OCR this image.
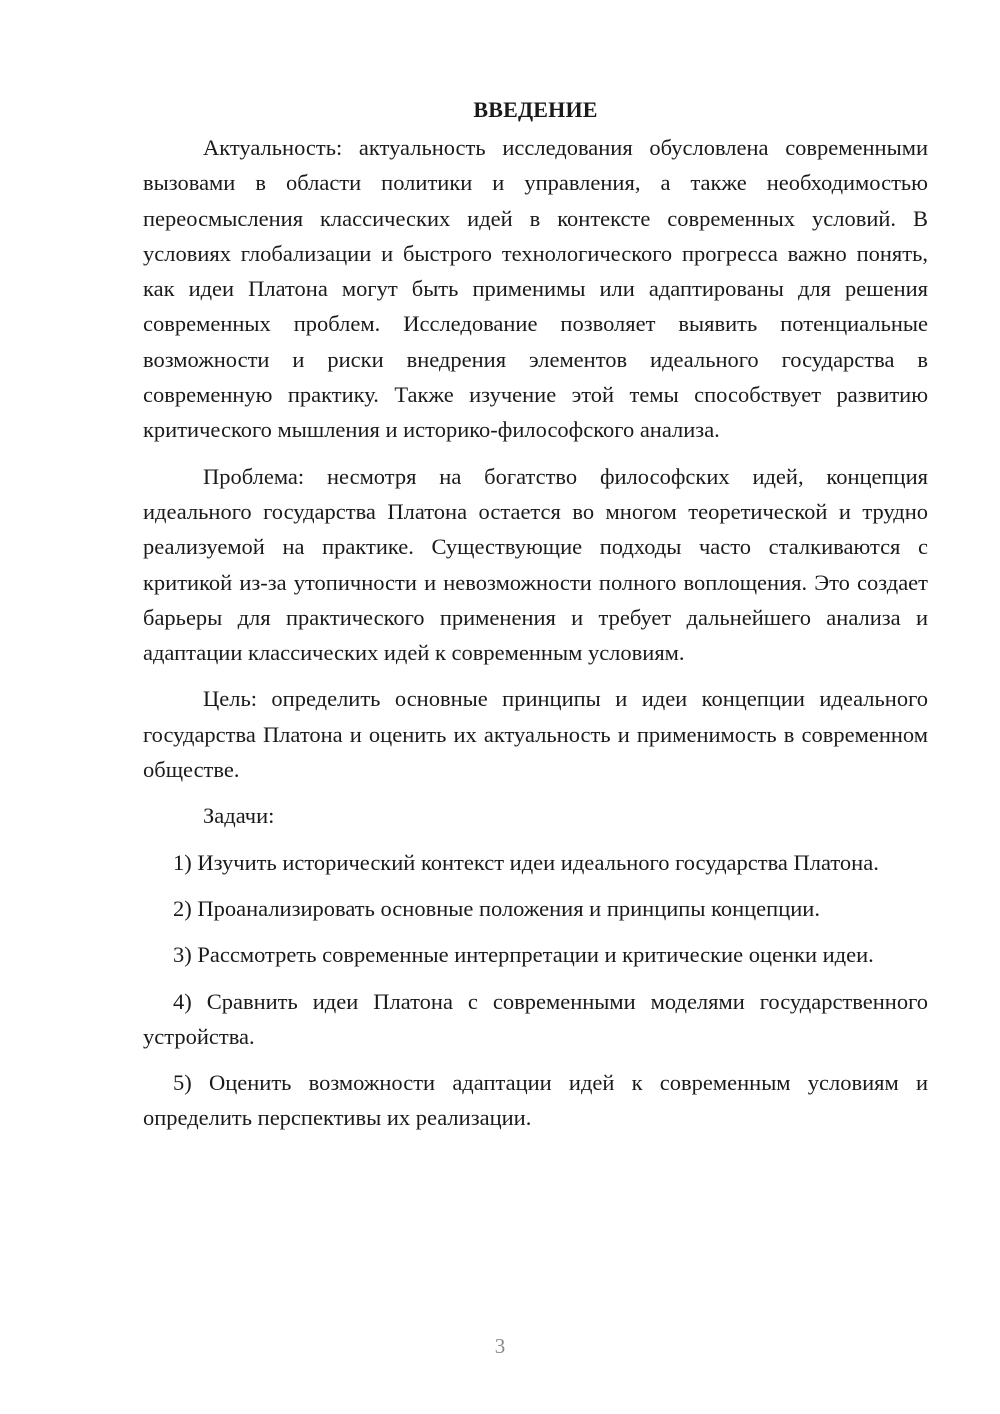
ВВЕДЕНИЕ

Актуальность: актуальность исследования обусловлена современными вызовами в области политики и управления, а также необходимостью переосмысления классических идей в контексте современных условий. В условиях глобализации и быстрого технологического прогресса важно понять, как идеи Платона могут быть применимы или адаптированы для решения современных проблем. Исследование позволяет выявить потенциальные возможности и риски внедрения элементов идеального государства в современную практику. Также изучение этой темы способствует развитию критического мышления и историко-философского анализа.

Проблема: несмотря на богатство философских идей, концепция идеального государства Платона остается во многом теоретической и трудно реализуемой на практике. Существующие подходы часто сталкиваются с критикой из-за утопичности и невозможности полного воплощения. Это создает барьеры для практического применения и требует дальнейшего анализа и адаптации классических идей к современным условиям.

Цель: определить основные принципы и идеи концепции идеального государства Платона и оценить их актуальность и применимость в современном обществе.

Задачи:

1) Изучить исторический контекст идеи идеального государства Платона.

2) Проанализировать основные положения и принципы концепции.

3) Рассмотреть современные интерпретации и критические оценки идеи.

4) Сравнить идеи Платона с современными моделями государственного устройства.

5) Оценить возможности адаптации идей к современным условиям и определить перспективы их реализации.

3
